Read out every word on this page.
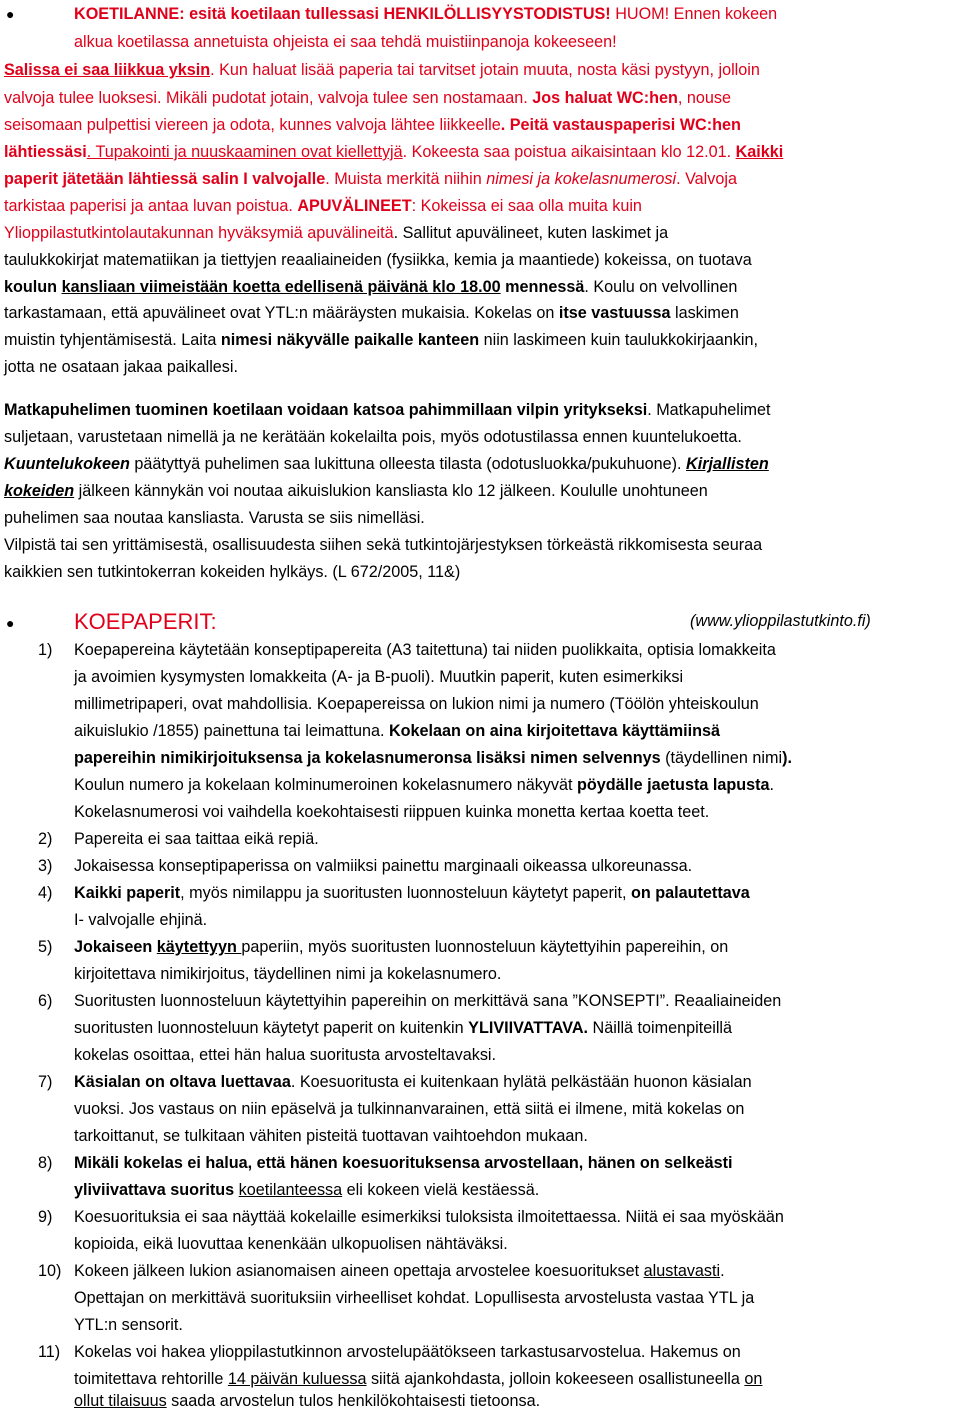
●	KOETILANNE: esitä koetilaan tullessasi HENKILÖLLISYYSTODISTUS! HUOM! Ennen kokeen
alkua koetilassa annetuista ohjeista ei saa tehdä muistiinpanoja kokeeseen!
Salissa ei saa liikkua yksin. Kun haluat lisää paperia tai tarvitset jotain muuta, nosta käsi pystyyn, jolloin
valvoja tulee luoksesi. Mikäli pudotat jotain, valvoja tulee sen nostamaan. Jos haluat WC:hen, nouse
seisomaan pulpettisi viereen ja odota, kunnes valvoja lähtee liikkeelle. Peitä vastauspaperisi WC:hen
lähtiessäsi. Tupakointi ja nuuskaaminen ovat kiellettyjä. Kokeesta saa poistua aikaisintaan klo 12.01. Kaikki
paperit jätetään lähtiessä salin I valvojalle. Muista merkitä niihin nimesi ja kokelasnumerosi. Valvoja
tarkistaa paperisi ja antaa luvan poistua. APUVÄLINEET: Kokeissa ei saa olla muita kuin
Ylioppilastutkintolautakunnan hyväksymiä apuvälineitä. Sallitut apuvälineet, kuten laskimet ja
taulukkokirjat matematiikan ja tiettyjen reaaliaineiden (fysiikka, kemia ja maantiede) kokeissa, on tuotava
koulun kansliaan viimeistään koetta edellisenä päivänä klo 18.00 mennessä. Koulu on velvollinen
tarkastamaan, että apuvälineet ovat YTL:n määräysten mukaisia. Kokelas on itse vastuussa laskimen
muistin tyhjentämisestä. Laita nimesi näkyvälle paikalle kanteen niin laskimeen kuin taulukkokirjaankin,
jotta ne osataan jakaa paikallesi.
Matkapuhelimen tuominen koetilaan voidaan katsoa pahimmillaan vilpin yritykseksi. Matkapuhelimet
suljetaan, varustetaan nimellä ja ne kerätään kokelailta pois, myös odotustilassa ennen kuuntelukoetta.
Kuuntelukokeen päätyttyä puhelimen saa lukittuna olleesta tilasta (odotusluokka/pukuhuone). Kirjallisten
kokeiden jälkeen kännykän voi noutaa aikuislukion kansliasta klo 12 jälkeen. Koululle unohtuneen
puhelimen saa noutaa kansliasta. Varusta se siis nimelläsi.
Vilpistä tai sen yrittämisestä, osallisuudesta siihen sekä tutkintojärjestyksen törkeästä rikkomisesta seuraa
kaikkien sen tutkintokerran kokeiden hylkäys. (L 672/2005, 11&)
●	KOEPAPERIT:	(www.ylioppilastutkinto.fi)
1) Koepapereina käytetään konseptipapereita (A3 taitettuna) tai niiden puolikkaita, optisia lomakkeita
ja avoimien kysymysten lomakkeita (A- ja B-puoli). Muutkin paperit, kuten esimerkiksi
millimetripaperi, ovat mahdollisia. Koepapereissa on lukion nimi ja numero (Töölön yhteiskoulun
aikuislukio /1855) painettuna tai leimattuna. Kokelaan on aina kirjoitettava käyttämiinsä
papereihin nimikirjoituksensa ja kokelasnumeronsa lisäksi nimen selvennys (täydellinen nimi).
Koulun numero ja kokelaan kolminumeroinen kokelasnumero näkyvät pöydälle jaetusta lapusta.
Kokelasnumerosi voi vaihdella koekohtaisesti riippuen kuinka monetta kertaa koetta teet.
2) Papereita ei saa taittaa eikä repiä.
3) Jokaisessa konseptipaperissa on valmiiksi painettu marginaali oikeassa ulkoreunassa.
4) Kaikki paperit, myös nimilappu ja suoritusten luonnosteluun käytetyt paperit, on palautettava
I- valvojalle ehjinä.
5) Jokaiseen käytettyyn paperiin, myös suoritusten luonnosteluun käytettyihin papereihin, on
kirjoitettava nimikirjoitus, täydellinen nimi ja kokelasnumero.
6) Suoritusten luonnosteluun käytettyihin papereihin on merkittävä sana ”KONSEPTI”. Reaaliaineiden
suoritusten luonnosteluun käytetyt paperit on kuitenkin YLIVIIVATTAVA. Näillä toimenpiteillä
kokelas osoittaa, ettei hän halua suoritusta arvosteltavaksi.
7) Käsialan on oltava luettavaa. Koesuoritusta ei kuitenkaan hylätä pelkästään huonon käsialan
vuoksi. Jos vastaus on niin epäselvä ja tulkinnanvarainen, että siitä ei ilmene, mitä kokelas on
tarkoittanut, se tulkitaan vähiten pisteitä tuottavan vaihtoehdon mukaan.
8) Mikäli kokelas ei halua, että hänen koesuorituksensa arvostellaan, hänen on selkeästi
yliviivattava suoritus koetilanteessa eli kokeen vielä kestäessä.
9) Koesuorituksia ei saa näyttää kokelaille esimerkiksi tuloksista ilmoitettaessa. Niitä ei saa myöskään
kopioida, eikä luovuttaa kenenkään ulkopuolisen nähtäväksi.
10) Kokeen jälkeen lukion asianomaisen aineen opettaja arvostelee koesuoritukset alustavasti.
Opettajan on merkittävä suorituksiin virheelliset kohdat. Lopullisesta arvostelusta vastaa YTL ja
YTL:n sensorit.
11) Kokelas voi hakea ylioppilastutkinnon arvostelupäätökseen tarkastusarvostelua. Hakemus on
toimitettava rehtorille 14 päivän kuluessa siitä ajankohdasta, jolloin kokeeseen osallistuneella on
ollut tilaisuus saada arvostelun tulos henkilökohtaisesti tietoonsa.
